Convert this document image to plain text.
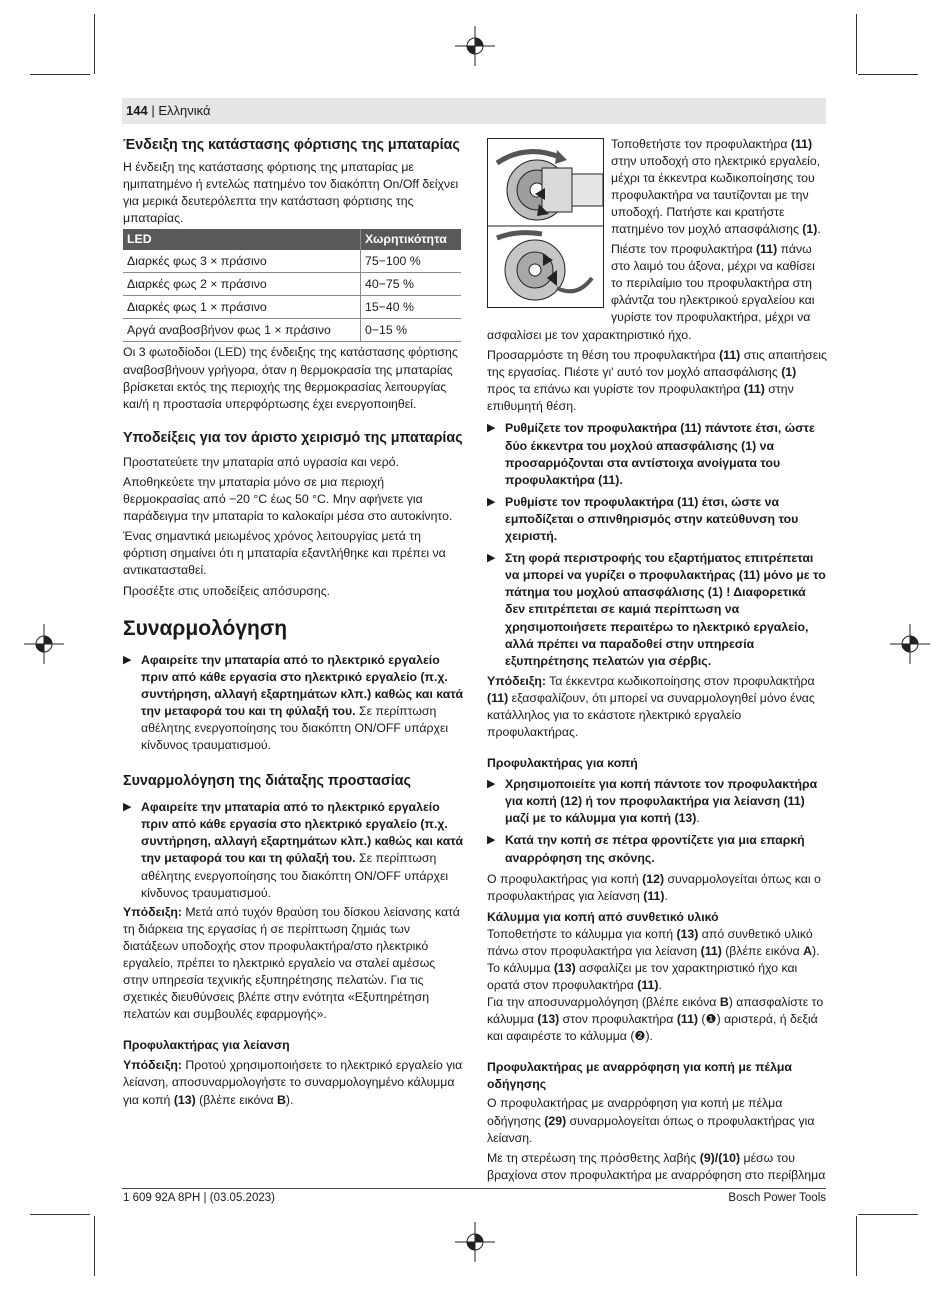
144 | Ελληνικά
Ένδειξη της κατάστασης φόρτισης της μπαταρίας

Η ένδειξη της κατάστασης φόρτισης της μπαταρίας με ημιπατημένο ή εντελώς πατημένο τον διακόπτη On/Off δείχνει για μερικά δευτερόλεπτα την κατάσταση φόρτισης της μπαταρίας.

LED	Χωρητικότητα
Διαρκές φως 3 × πράσινο	75−100 %
Διαρκές φως 2 × πράσινο	40−75 %
Διαρκές φως 1 × πράσινο	15−40 %
Αργά αναβοσβήνον φως 1 × πράσινο	0−15 %

Οι 3 φωτοδίοδοι (LED) της ένδειξης της κατάστασης φόρτισης αναβοσβήνουν γρήγορα, όταν η θερμοκρασία της μπαταρίας βρίσκεται εκτός της περιοχής της θερμοκρασίας λειτουργίας και/ή η προστασία υπερφόρτωσης έχει ενεργοποιηθεί.

Υποδείξεις για τον άριστο χειρισμό της μπαταρίας

Προστατεύετε την μπαταρία από υγρασία και νερό.

Αποθηκεύετε την μπαταρία μόνο σε μια περιοχή θερμοκρασίας από −20 °C έως 50 °C. Μην αφήνετε για παράδειγμα την μπαταρία το καλοκαίρι μέσα στο αυτοκίνητο.

Ένας σημαντικά μειωμένος χρόνος λειτουργίας μετά τη φόρτιση σημαίνει ότι η μπαταρία εξαντλήθηκε και πρέπει να αντικατασταθεί.

Προσέξτε στις υποδείξεις απόσυρσης.

Συναρμολόγηση

▶ Αφαιρείτε την μπαταρία από το ηλεκτρικό εργαλείο πριν από κάθε εργασία στο ηλεκτρικό εργαλείο (π.χ. συντήρηση, αλλαγή εξαρτημάτων κλπ.) καθώς και κατά την μεταφορά του και τη φύλαξή του. Σε περίπτωση αθέλητης ενεργοποίησης του διακόπτη ON/OFF υπάρχει κίνδυνος τραυματισμού.

Συναρμολόγηση της διάταξης προστασίας

▶ Αφαιρείτε την μπαταρία από το ηλεκτρικό εργαλείο πριν από κάθε εργασία στο ηλεκτρικό εργαλείο (π.χ. συντήρηση, αλλαγή εξαρτημάτων κλπ.) καθώς και κατά την μεταφορά του και τη φύλαξή του. Σε περίπτωση αθέλητης ενεργοποίησης του διακόπτη ON/OFF υπάρχει κίνδυνος τραυματισμού.

Υπόδειξη: Μετά από τυχόν θραύση του δίσκου λείανσης κατά τη διάρκεια της εργασίας ή σε περίπτωση ζημιάς των διατάξεων υποδοχής στον προφυλακτήρα/στο ηλεκτρικό εργαλείο, πρέπει το ηλεκτρικό εργαλείο να σταλεί αμέσως στην υπηρεσία τεχνικής εξυπηρέτησης πελατών. Για τις σχετικές διευθύνσεις βλέπε στην ενότητα «Εξυπηρέτηση πελατών και συμβουλές εφαρμογής».

Προφυλακτήρας για λείανση

Υπόδειξη: Προτού χρησιμοποιήσετε το ηλεκτρικό εργαλείο για λείανση, αποσυναρμολογήστε το συναρμολογημένο κάλυμμα για κοπή (13) (βλέπε εικόνα B).

Τοποθετήστε τον προφυλακτήρα (11) στην υποδοχή στο ηλεκτρικό εργαλείο, μέχρι τα έκκεντρα κωδικοποίησης του προφυλακτήρα να ταυτίζονται με την υποδοχή. Πατήστε και κρατήστε πατημένο τον μοχλό απασφάλισης (1).

Πιέστε τον προφυλακτήρα (11) πάνω στο λαιμό του άξονα, μέχρι να καθίσει το περιλαίμιο του προφυλακτήρα στη φλάντζα του ηλεκτρικού εργαλείου και γυρίστε τον προφυλακτήρα, μέχρι να

ασφαλίσει με τον χαρακτηριστικό ήχο.

Προσαρμόστε τη θέση του προφυλακτήρα (11) στις απαιτήσεις της εργασίας. Πιέστε γι' αυτό τον μοχλό απασφάλισης (1) προς τα επάνω και γυρίστε τον προφυλακτήρα (11) στην επιθυμητή θέση.

▶ Ρυθμίζετε τον προφυλακτήρα (11) πάντοτε έτσι, ώστε δύο έκκεντρα του μοχλού απασφάλισης (1) να προσαρμόζονται στα αντίστοιχα ανοίγματα του προφυλακτήρα (11).

▶ Ρυθμίστε τον προφυλακτήρα (11) έτσι, ώστε να εμποδίζεται ο σπινθηρισμός στην κατεύθυνση του χειριστή.

▶ Στη φορά περιστροφής του εξαρτήματος επιτρέπεται να μπορεί να γυρίζει ο προφυλακτήρας (11) μόνο με το πάτημα του μοχλού απασφάλισης (1) ! Διαφορετικά δεν επιτρέπεται σε καμιά περίπτωση να χρησιμοποιήσετε περαιτέρω το ηλεκτρικό εργαλείο, αλλά πρέπει να παραδοθεί στην υπηρεσία εξυπηρέτησης πελατών για σέρβις.

Υπόδειξη: Τα έκκεντρα κωδικοποίησης στον προφυλακτήρα (11) εξασφαλίζουν, ότι μπορεί να συναρμολογηθεί μόνο ένας κατάλληλος για το εκάστοτε ηλεκτρικό εργαλείο προφυλακτήρας.

Προφυλακτήρας για κοπή

▶ Χρησιμοποιείτε για κοπή πάντοτε τον προφυλακτήρα για κοπή (12) ή τον προφυλακτήρα για λείανση (11) μαζί με το κάλυμμα για κοπή (13).

▶ Κατά την κοπή σε πέτρα φροντίζετε για μια επαρκή αναρρόφηση της σκόνης.

Ο προφυλακτήρας για κοπή (12) συναρμολογείται όπως και ο προφυλακτήρας για λείανση (11).

Κάλυμμα για κοπή από συνθετικό υλικό

Τοποθετήστε το κάλυμμα για κοπή (13) από συνθετικό υλικό πάνω στον προφυλακτήρα για λείανση (11) (βλέπε εικόνα A).

Το κάλυμμα (13) ασφαλίζει με τον χαρακτηριστικό ήχο και ορατά στον προφυλακτήρα (11).

Για την αποσυναρμολόγηση (βλέπε εικόνα B) απασφαλίστε το κάλυμμα (13) στον προφυλακτήρα (11) (❶) αριστερά, ή δεξιά και αφαιρέστε το κάλυμμα (❷).

Προφυλακτήρας με αναρρόφηση για κοπή με πέλμα οδήγησης

Ο προφυλακτήρας με αναρρόφηση για κοπή με πέλμα οδήγησης (29) συναρμολογείται όπως ο προφυλακτήρας για λείανση.

Με τη στερέωση της πρόσθετης λαβής (9)/(10) μέσω του βραχίονα στον προφυλακτήρα με αναρρόφηση στο περίβλημα

1 609 92A 8PH | (03.05.2023)	Bosch Power Tools
